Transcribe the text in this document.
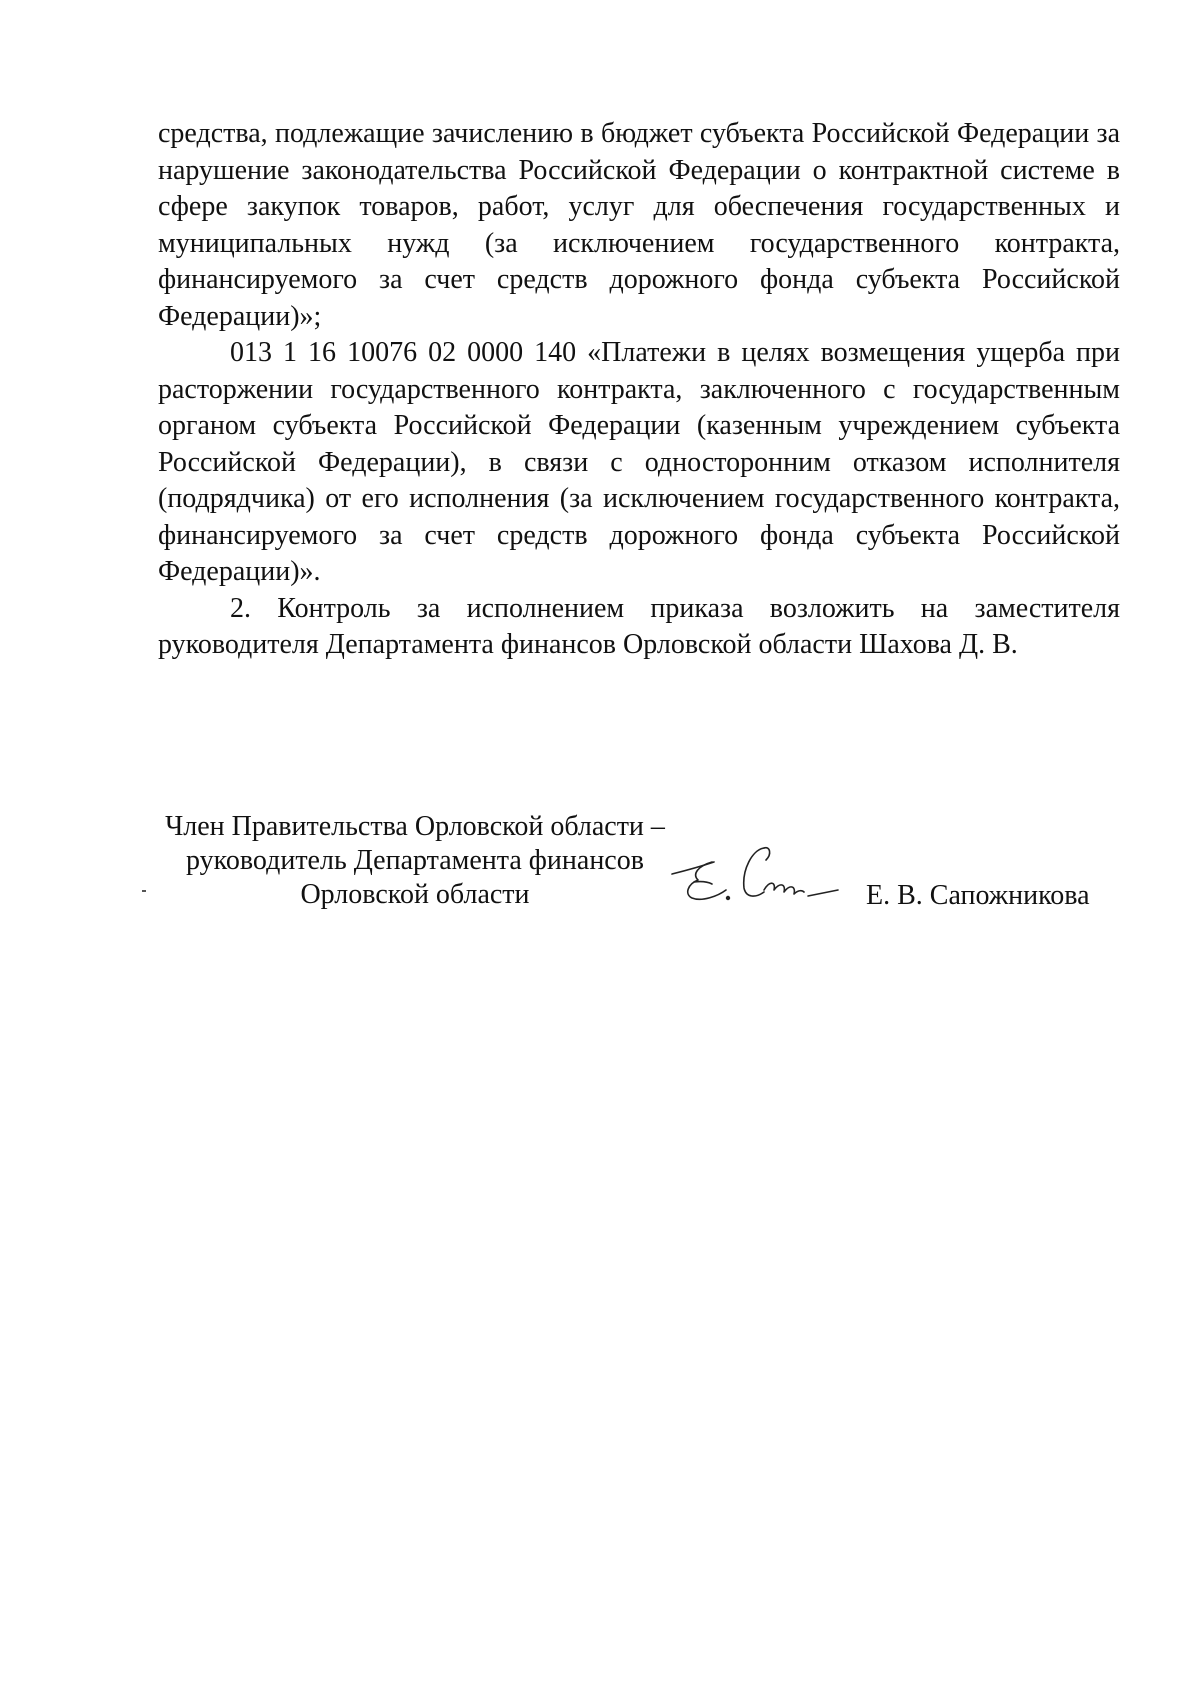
средства, подлежащие зачислению в бюджет субъекта Российской Федерации за нарушение законодательства Российской Федерации о контрактной системе в сфере закупок товаров, работ, услуг для обеспечения государственных и муниципальных нужд (за исключением государственного контракта, финансируемого за счет средств дорожного фонда субъекта Российской Федерации)»;

013 1 16 10076 02 0000 140 «Платежи в целях возмещения ущерба при расторжении государственного контракта, заключенного с государственным органом субъекта Российской Федерации (казенным учреждением субъекта Российской Федерации), в связи с односторонним отказом исполнителя (подрядчика) от его исполнения (за исключением государственного контракта, финансируемого за счет средств дорожного фонда субъекта Российской Федерации)».

2. Контроль за исполнением приказа возложить на заместителя руководителя Департамента финансов Орловской области Шахова Д. В.

Член Правительства Орловской области –
руководитель Департамента финансов
Орловской области	Е. В. Сапожникова
